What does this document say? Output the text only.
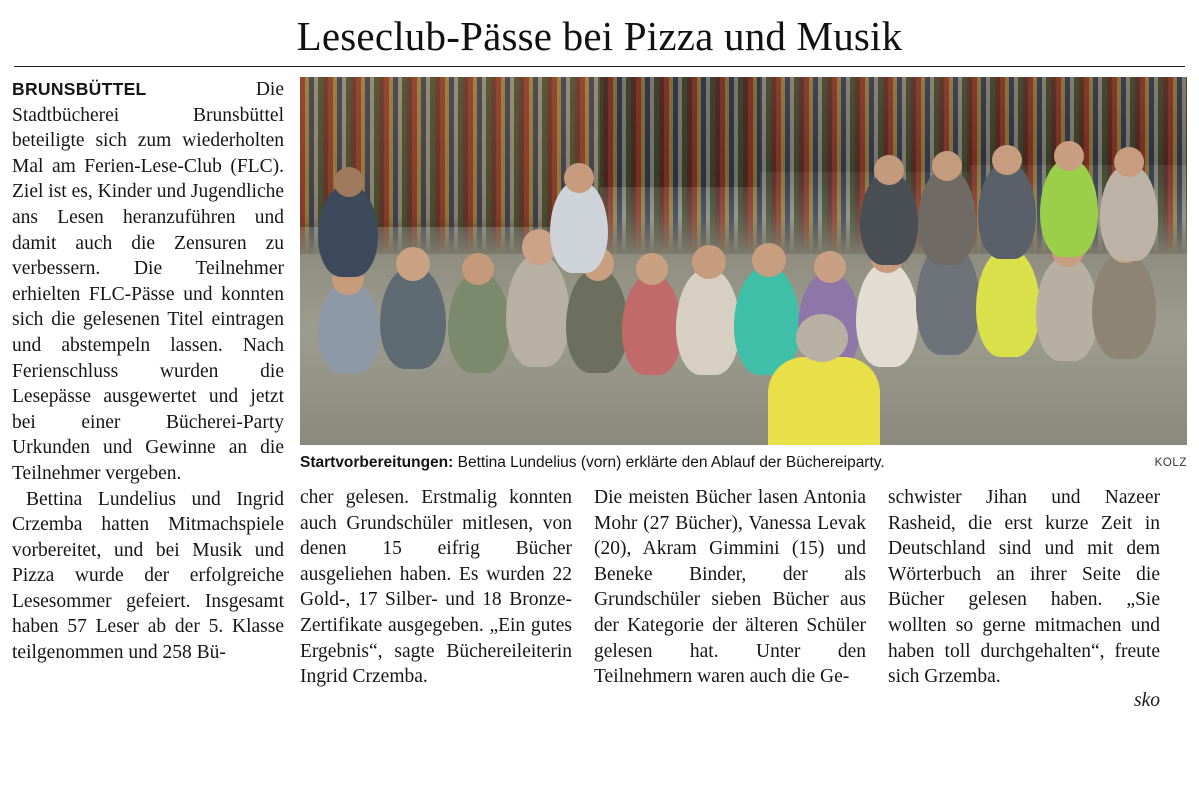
Leseclub-Pässe bei Pizza und Musik

BRUNSBÜTTEL Die Stadtbücherei Brunsbüttel beteiligte sich zum wiederholten Mal am Ferien-Lese-Club (FLC). Ziel ist es, Kinder und Jugendliche ans Lesen heranzuführen und damit auch die Zensuren zu verbessern. Die Teilnehmer erhielten FLC-Pässe und konnten sich die gelesenen Titel eintragen und abstempeln lassen. Nach Ferienschluss wurden die Lesepässe ausgewertet und jetzt bei einer Bücherei-Party Urkunden und Gewinne an die Teilnehmer vergeben.

Bettina Lundelius und Ingrid Crzemba hatten Mitmachspiele vorbereitet, und bei Musik und Pizza wurde der erfolgreiche Lesesommer gefeiert. Insgesamt haben 57 Leser ab der 5. Klasse teilgenommen und 258 Bü-

Startvorbereitungen: Bettina Lundelius (vorn) erklärte den Ablauf der Büchereiparty.	KOLZ

cher gelesen. Erstmalig konnten auch Grundschüler mitlesen, von denen 15 eifrig Bücher ausgeliehen haben. Es wurden 22 Gold-, 17 Silber- und 18 Bronze-Zertifikate ausgegeben. „Ein gutes Ergebnis“, sagte Büchereileiterin Ingrid Crzemba.

Die meisten Bücher lasen Antonia Mohr (27 Bücher), Vanessa Levak (20), Akram Gimmini (15) und Beneke Binder, der als Grundschüler sieben Bücher aus der Kategorie der älteren Schüler gelesen hat. Unter den Teilnehmern waren auch die Ge-

schwister Jihan und Nazeer Rasheid, die erst kurze Zeit in Deutschland sind und mit dem Wörterbuch an ihrer Seite die Bücher gelesen haben. „Sie wollten so gerne mitmachen und haben toll durchgehalten“, freute sich Grzemba.

sko
